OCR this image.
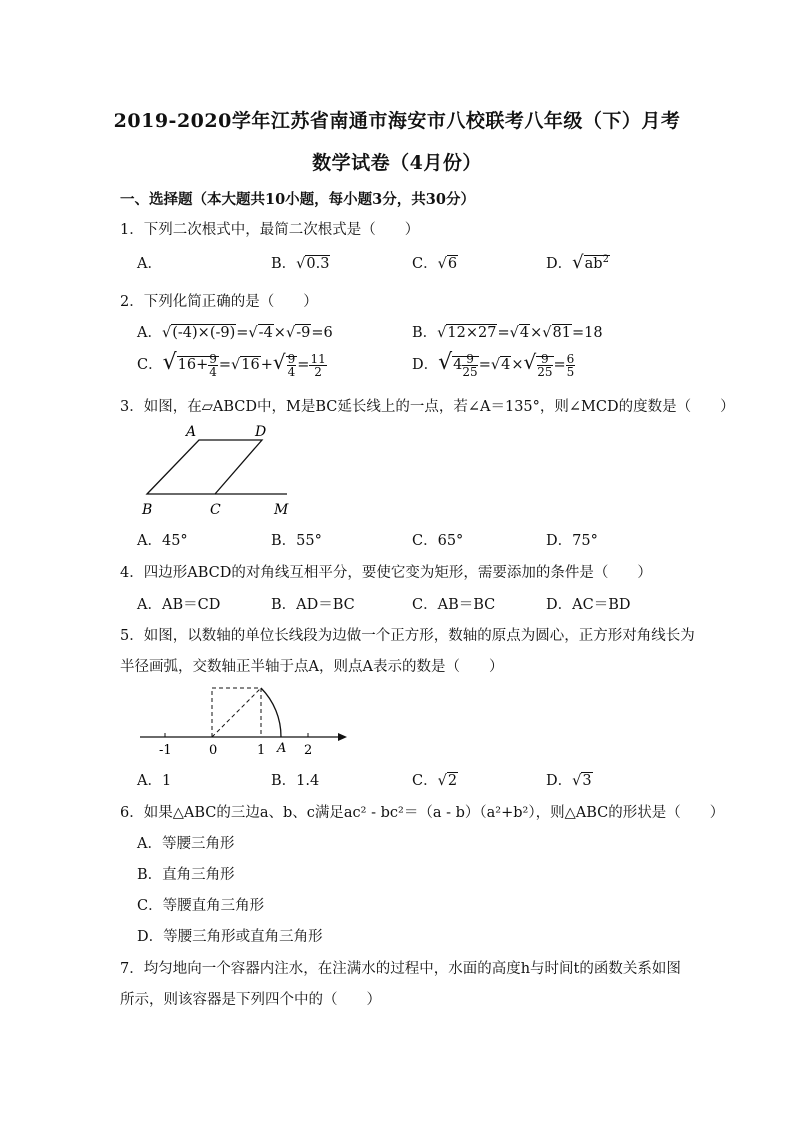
2019-2020学年江苏省南通市海安市八校联考八年级（下）月考
数学试卷（4月份）
一、选择题（本大题共10小题，每小题3分，共30分）
1．下列二次根式中，最简二次根式是（　　）
A．	B．√0.3	C．√6	D．$√ab^2$
2．下列化简正确的是（　　）
A．√(-4)×(-9)=√-4×√-9=6	B．√12×27=√4×√81=18
C．$√16+ \frac{9}{4} =√16+√ \frac{9}{4} = \frac{11}{2}$	D．$√4 \frac{9}{25} =√4\times√ \frac{9}{25} = \frac{6}{5}$
3．如图，在▱ABCD中，M是BC延长线上的一点，若∠A＝135°，则∠MCD的度数是（　　）
A	D
B	C	M
A．45°	B．55°	C．65°	D．75°
4．四边形ABCD的对角线互相平分，要使它变为矩形，需要添加的条件是（　　）
A．AB＝CD	B．AD＝BC	C．AB＝BC	D．AC＝BD
5．如图，以数轴的单位长线段为边做一个正方形，数轴的原点为圆心，正方形对角线长为
半径画弧，交数轴正半轴于点A，则点A表示的数是（　　）
-1	0	1 A 2
A．1	B．1.4	C．√2	D．√3
6．如果△ABC的三边a、b、c满足ac² - bc²＝（a - b）（a²+b²），则△ABC的形状是（　　）
A．等腰三角形
B．直角三角形
C．等腰直角三角形
D．等腰三角形或直角三角形
7．均匀地向一个容器内注水，在注满水的过程中，水面的高度h与时间t的函数关系如图
所示，则该容器是下列四个中的（　　）
